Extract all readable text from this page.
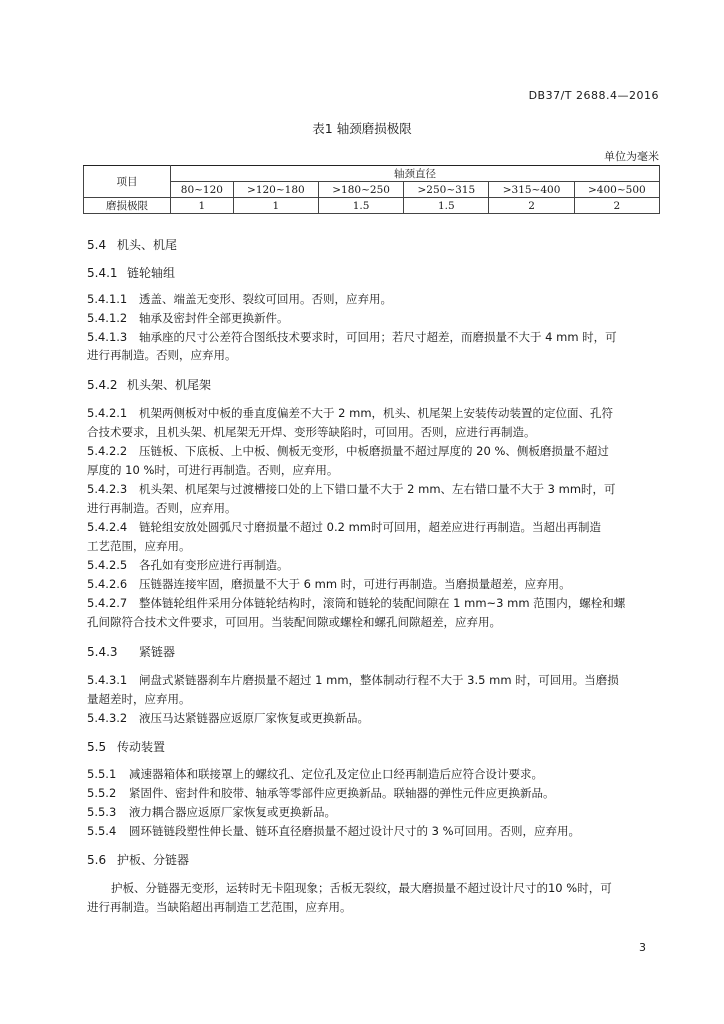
DB37/T 2688.4—2016
表1 轴颈磨损极限
单位为毫米
项目	轴颈直径					
	80~120	>120~180	>180~250	>250~315	>315~400	>400~500
磨损极限	1	1	1.5	1.5	2	2
5.4 机头、机尾
5.4.1 链轮轴组
5.4.1.1 透盖、端盖无变形、裂纹可回用。否则，应弃用。
5.4.1.2 轴承及密封件全部更换新件。
5.4.1.3 轴承座的尺寸公差符合图纸技术要求时，可回用；若尺寸超差，而磨损量不大于 4 mm 时，可
进行再制造。否则，应弃用。
5.4.2 机头架、机尾架
5.4.2.1 机架两侧板对中板的垂直度偏差不大于 2 mm，机头、机尾架上安装传动装置的定位面、孔符
合技术要求，且机头架、机尾架无开焊、变形等缺陷时，可回用。否则，应进行再制造。
5.4.2.2 压链板、下底板、上中板、侧板无变形，中板磨损量不超过厚度的 20 %、侧板磨损量不超过
厚度的 10 %时，可进行再制造。否则，应弃用。
5.4.2.3 机头架、机尾架与过渡槽接口处的上下错口量不大于 2 mm、左右错口量不大于 3 mm时，可
进行再制造。否则，应弃用。
5.4.2.4 链轮组安放处圆弧尺寸磨损量不超过 0.2 mm时可回用，超差应进行再制造。当超出再制造
工艺范围，应弃用。
5.4.2.5 各孔如有变形应进行再制造。
5.4.2.6 压链器连接牢固，磨损量不大于 6 mm 时，可进行再制造。当磨损量超差，应弃用。
5.4.2.7 整体链轮组件采用分体链轮结构时，滚筒和链轮的装配间隙在 1 mm~3 mm 范围内，螺栓和螺
孔间隙符合技术文件要求，可回用。当装配间隙或螺栓和螺孔间隙超差，应弃用。
5.4.3 紧链器
5.4.3.1 闸盘式紧链器刹车片磨损量不超过 1 mm，整体制动行程不大于 3.5 mm 时，可回用。当磨损
量超差时，应弃用。
5.4.3.2 液压马达紧链器应返原厂家恢复或更换新品。
5.5 传动装置
5.5.1 减速器箱体和联接罩上的螺纹孔、定位孔及定位止口经再制造后应符合设计要求。
5.5.2 紧固件、密封件和胶带、轴承等零部件应更换新品。联轴器的弹性元件应更换新品。
5.5.3 液力耦合器应返原厂家恢复或更换新品。
5.5.4 圆环链链段塑性伸长量、链环直径磨损量不超过设计尺寸的 3 %可回用。否则，应弃用。
5.6 护板、分链器
护板、分链器无变形，运转时无卡阻现象；舌板无裂纹，最大磨损量不超过设计尺寸的10 %时，可
进行再制造。当缺陷超出再制造工艺范围，应弃用。
3
